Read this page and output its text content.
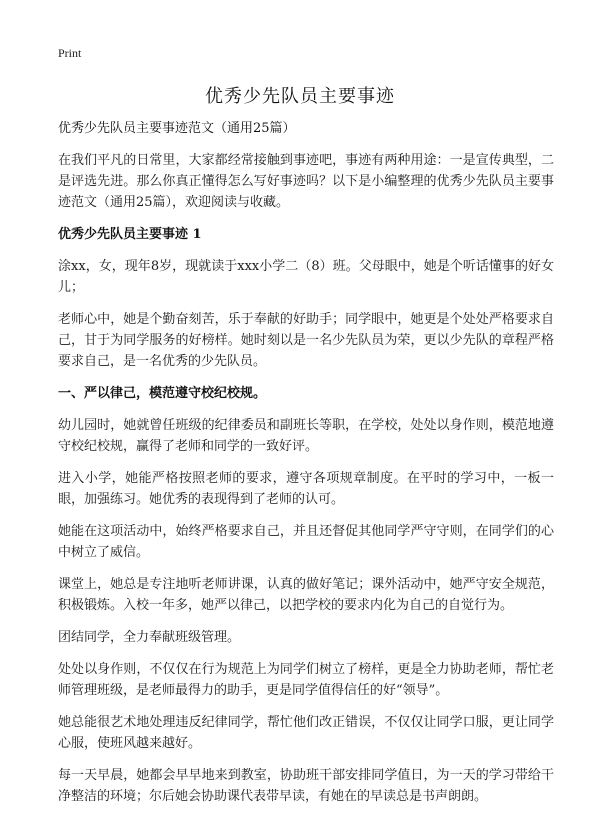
Print
优秀少先队员主要事迹

优秀少先队员主要事迹范文（通用25篇）

在我们平凡的日常里，大家都经常接触到事迹吧，事迹有两种用途：一是宣传典型，二是评选先进。那么你真正懂得怎么写好事迹吗？以下是小编整理的优秀少先队员主要事迹范文（通用25篇），欢迎阅读与收藏。

优秀少先队员主要事迹 1

涂xx，女，现年8岁，现就读于xxx小学二（8）班。父母眼中，她是个听话懂事的好女儿；

老师心中，她是个勤奋刻苦，乐于奉献的好助手；同学眼中，她更是个处处严格要求自己，甘于为同学服务的好榜样。她时刻以是一名少先队员为荣，更以少先队的章程严格要求自己，是一名优秀的少先队员。

一、严以律己，模范遵守校纪校规。

幼儿园时，她就曾任班级的纪律委员和副班长等职，在学校，处处以身作则，模范地遵守校纪校规，赢得了老师和同学的一致好评。

进入小学，她能严格按照老师的要求，遵守各项规章制度。在平时的学习中，一板一眼，加强练习。她优秀的表现得到了老师的认可。

她能在这项活动中，始终严格要求自己，并且还督促其他同学严守守则，在同学们的心中树立了威信。

课堂上，她总是专注地听老师讲课，认真的做好笔记；课外活动中，她严守安全规范，积极锻炼。入校一年多，她严以律己，以把学校的要求内化为自己的自觉行为。

团结同学，全力奉献班级管理。

处处以身作则，不仅仅在行为规范上为同学们树立了榜样，更是全力协助老师，帮忙老师管理班级，是老师最得力的助手，更是同学值得信任的好“领导”。

她总能很艺术地处理违反纪律同学，帮忙他们改正错误，不仅仅让同学口服，更让同学心服，使班风越来越好。

每一天早晨，她都会早早地来到教室，协助班干部安排同学值日，为一天的学习带给干净整洁的环境；尔后她会协助课代表带早读，有她在的早读总是书声朗朗。
